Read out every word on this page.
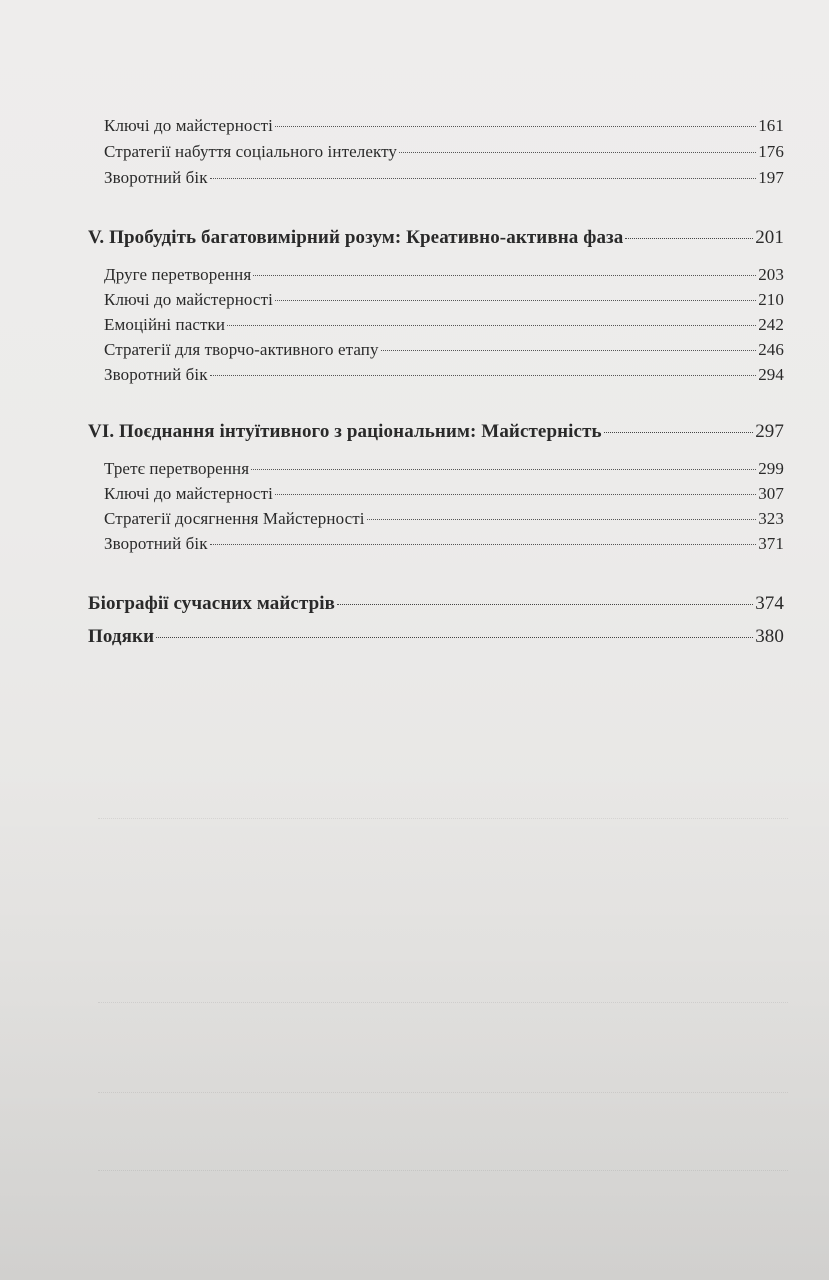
Ключі до майстерності	161
Стратегії набуття соціального інтелекту	176
Зворотний бік	197
V. Пробудіть багатовимірний розум: Креативно-активна фаза	201
Друге перетворення	203
Ключі до майстерності	210
Емоційні пастки	242
Стратегії для творчо-активного етапу	246
Зворотний бік	294
VI. Поєднання інтуїтивного з раціональним: Майстерність	297
Третє перетворення	299
Ключі до майстерності	307
Стратегії досягнення Майстерності	323
Зворотний бік	371
Біографії сучасних майстрів	374
Подяки	380
